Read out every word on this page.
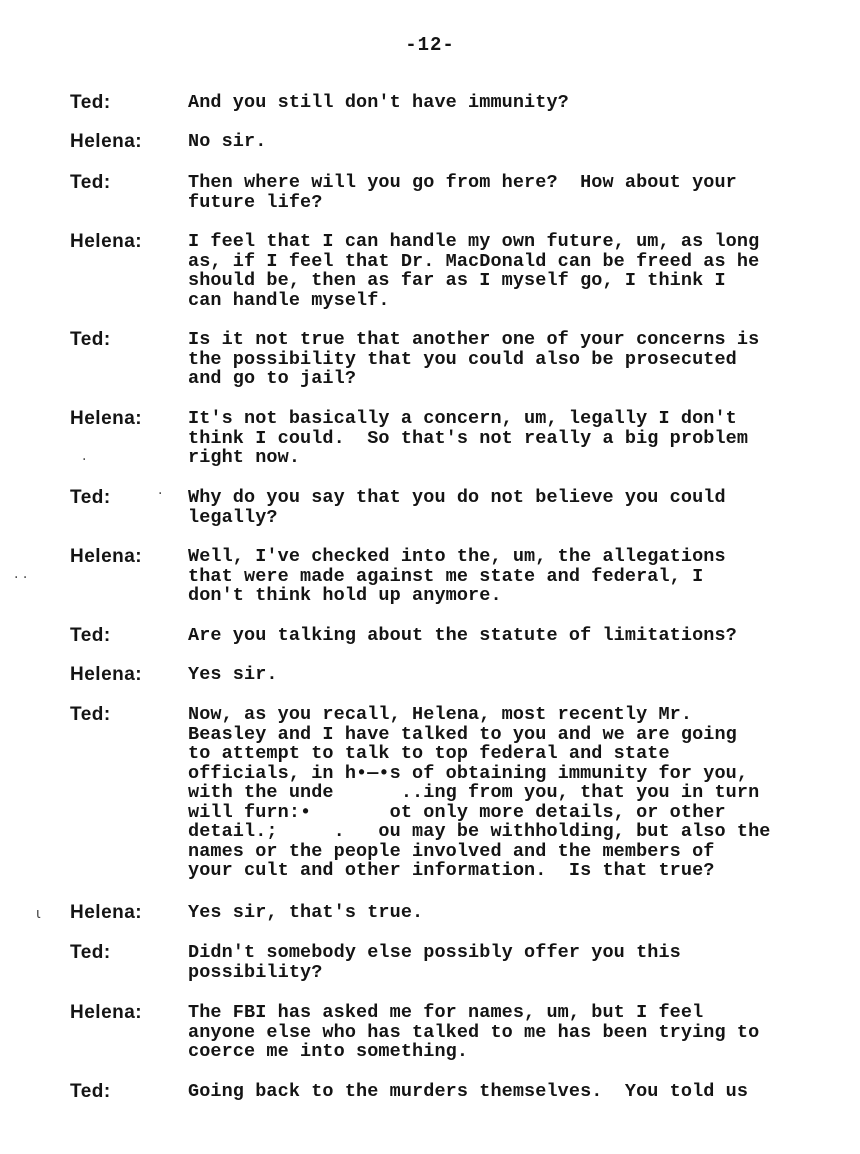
-12-
Ted:	And you still don't have immunity?
Helena: No sir.
Ted:	Then where will you go from here?  How about your
future life?
Helena: I feel that I can handle my own future, um, as long
as, if I feel that Dr. MacDonald can be freed as he
should be, then as far as I myself go, I think I
can handle myself.
Ted:	Is it not true that another one of your concerns is
the possibility that you could also be prosecuted
and go to jail?
Helena: It's not basically a concern, um, legally I don't
think I could.  So that's not really a big problem
right now.
Ted:	Why do you say that you do not believe you could
legally?
Helena: Well, I've checked into the, um, the allegations
that were made against me state and federal, I
don't think hold up anymore.
Ted:	Are you talking about the statute of limitations?
Helena: Yes sir.
Ted:	Now, as you recall, Helena, most recently Mr.
Beasley and I have talked to you and we are going
to attempt to talk to top federal and state
officials, in h•—•s of obtaining immunity for you,
with the unde      ..ing from you, that you in turn
will furn:•       ot only more details, or other
detail.;     .   ou may be withholding, but also the
names or the people involved and the members of
your cult and other information.  Is that true?
Helena: Yes sir, that's true.
Ted:	Didn't somebody else possibly offer you this
possibility?
Helena: The FBI has asked me for names, um, but I feel
anyone else who has talked to me has been trying to
coerce me into something.
Ted:	Going back to the murders themselves.  You told us
·
·
· ·
ɩ
